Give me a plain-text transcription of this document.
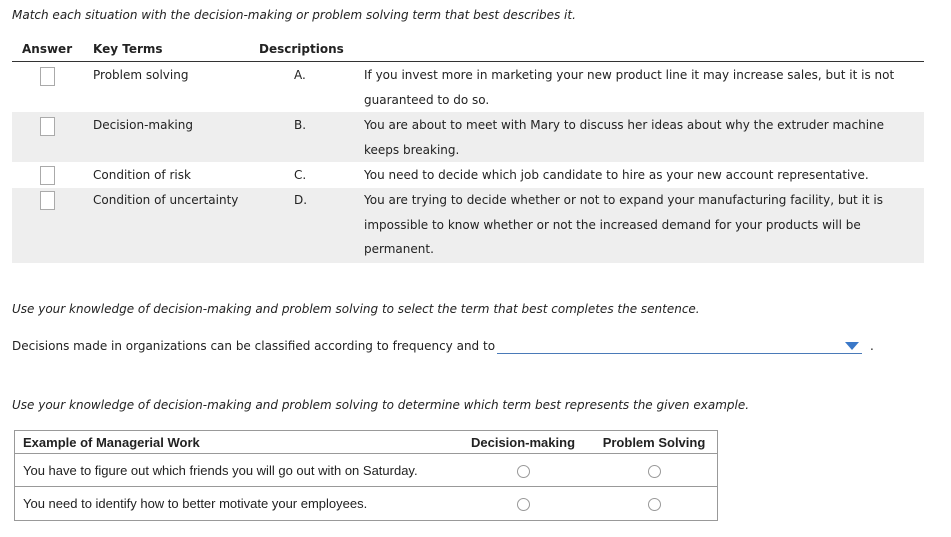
Match each situation with the decision-making or problem solving term that best describes it.
Answer Key Terms	Descriptions
Problem solving	A.	If you invest more in marketing your new product line it may increase sales, but it is not guaranteed to do so.
Decision-making	B.	You are about to meet with Mary to discuss her ideas about why the extruder machine keeps breaking.
Condition of risk	C.	You need to decide which job candidate to hire as your new account representative.
Condition of uncertainty	D.	You are trying to decide whether or not to expand your manufacturing facility, but it is impossible to know whether or not the increased demand for your products will be permanent.
Use your knowledge of decision-making and problem solving to select the term that best completes the sentence.
Decisions made in organizations can be classified according to frequency and to	.
Use your knowledge of decision-making and problem solving to determine which term best represents the given example.
Example of Managerial Work	Decision-making	Problem Solving
You have to figure out which friends you will go out with on Saturday.		
You need to identify how to better motivate your employees.		
